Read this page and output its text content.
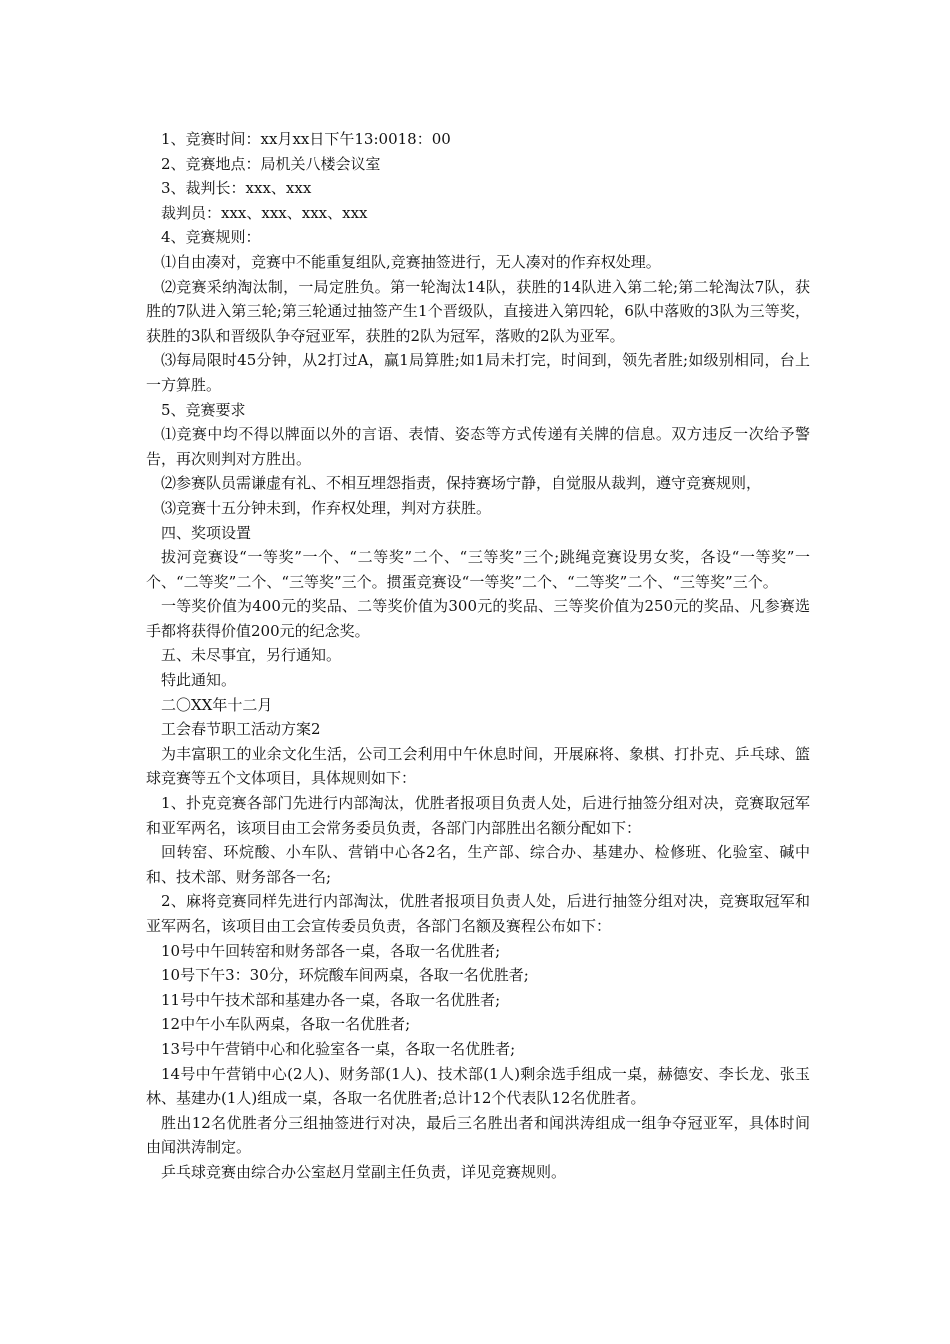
1、竞赛时间：xx月xx日下午13:0018：00

2、竞赛地点：局机关八楼会议室

3、裁判长：xxx、xxx

裁判员：xxx、xxx、xxx、xxx

4、竞赛规则：

⑴自由凑对，竞赛中不能重复组队,竞赛抽签进行，无人凑对的作弃权处理。

⑵竞赛采纳淘汰制，一局定胜负。第一轮淘汰14队，获胜的14队进入第二轮;第二轮淘汰7队，获胜的7队进入第三轮;第三轮通过抽签产生1个晋级队，直接进入第四轮，6队中落败的3队为三等奖，获胜的3队和晋级队争夺冠亚军，获胜的2队为冠军，落败的2队为亚军。

⑶每局限时45分钟，从2打过A，赢1局算胜;如1局未打完，时间到，领先者胜;如级别相同，台上一方算胜。

5、竞赛要求

⑴竞赛中均不得以牌面以外的言语、表情、姿态等方式传递有关牌的信息。双方违反一次给予警告，再次则判对方胜出。

⑵参赛队员需谦虚有礼、不相互埋怨指责，保持赛场宁静，自觉服从裁判，遵守竞赛规则，

⑶竞赛十五分钟未到，作弃权处理，判对方获胜。

四、奖项设置

拔河竞赛设“一等奖”一个、“二等奖”二个、“三等奖”三个;跳绳竞赛设男女奖，各设“一等奖”一个、“二等奖”二个、“三等奖”三个。掼蛋竞赛设“一等奖”二个、“二等奖”二个、“三等奖”三个。

一等奖价值为400元的奖品、二等奖价值为300元的奖品、三等奖价值为250元的奖品、凡参赛选手都将获得价值200元的纪念奖。

五、未尽事宜，另行通知。

特此通知。

二〇XX年十二月

工会春节职工活动方案2

为丰富职工的业余文化生活，公司工会利用中午休息时间，开展麻将、象棋、打扑克、乒乓球、篮球竞赛等五个文体项目，具体规则如下：

1、扑克竞赛各部门先进行内部淘汰，优胜者报项目负责人处，后进行抽签分组对决，竞赛取冠军和亚军两名，该项目由工会常务委员负责，各部门内部胜出名额分配如下：

回转窑、环烷酸、小车队、营销中心各2名，生产部、综合办、基建办、检修班、化验室、碱中和、技术部、财务部各一名;

2、麻将竞赛同样先进行内部淘汰，优胜者报项目负责人处，后进行抽签分组对决，竞赛取冠军和亚军两名，该项目由工会宣传委员负责，各部门名额及赛程公布如下：

10号中午回转窑和财务部各一桌，各取一名优胜者;

10号下午3：30分，环烷酸车间两桌，各取一名优胜者;

11号中午技术部和基建办各一桌，各取一名优胜者;

12中午小车队两桌，各取一名优胜者;

13号中午营销中心和化验室各一桌，各取一名优胜者;

14号中午营销中心(2人)、财务部(1人)、技术部(1人)剩余选手组成一桌，赫德安、李长龙、张玉林、基建办(1人)组成一桌，各取一名优胜者;总计12个代表队12名优胜者。

胜出12名优胜者分三组抽签进行对决，最后三名胜出者和闻洪涛组成一组争夺冠亚军，具体时间由闻洪涛制定。

乒乓球竞赛由综合办公室赵月堂副主任负责，详见竞赛规则。
